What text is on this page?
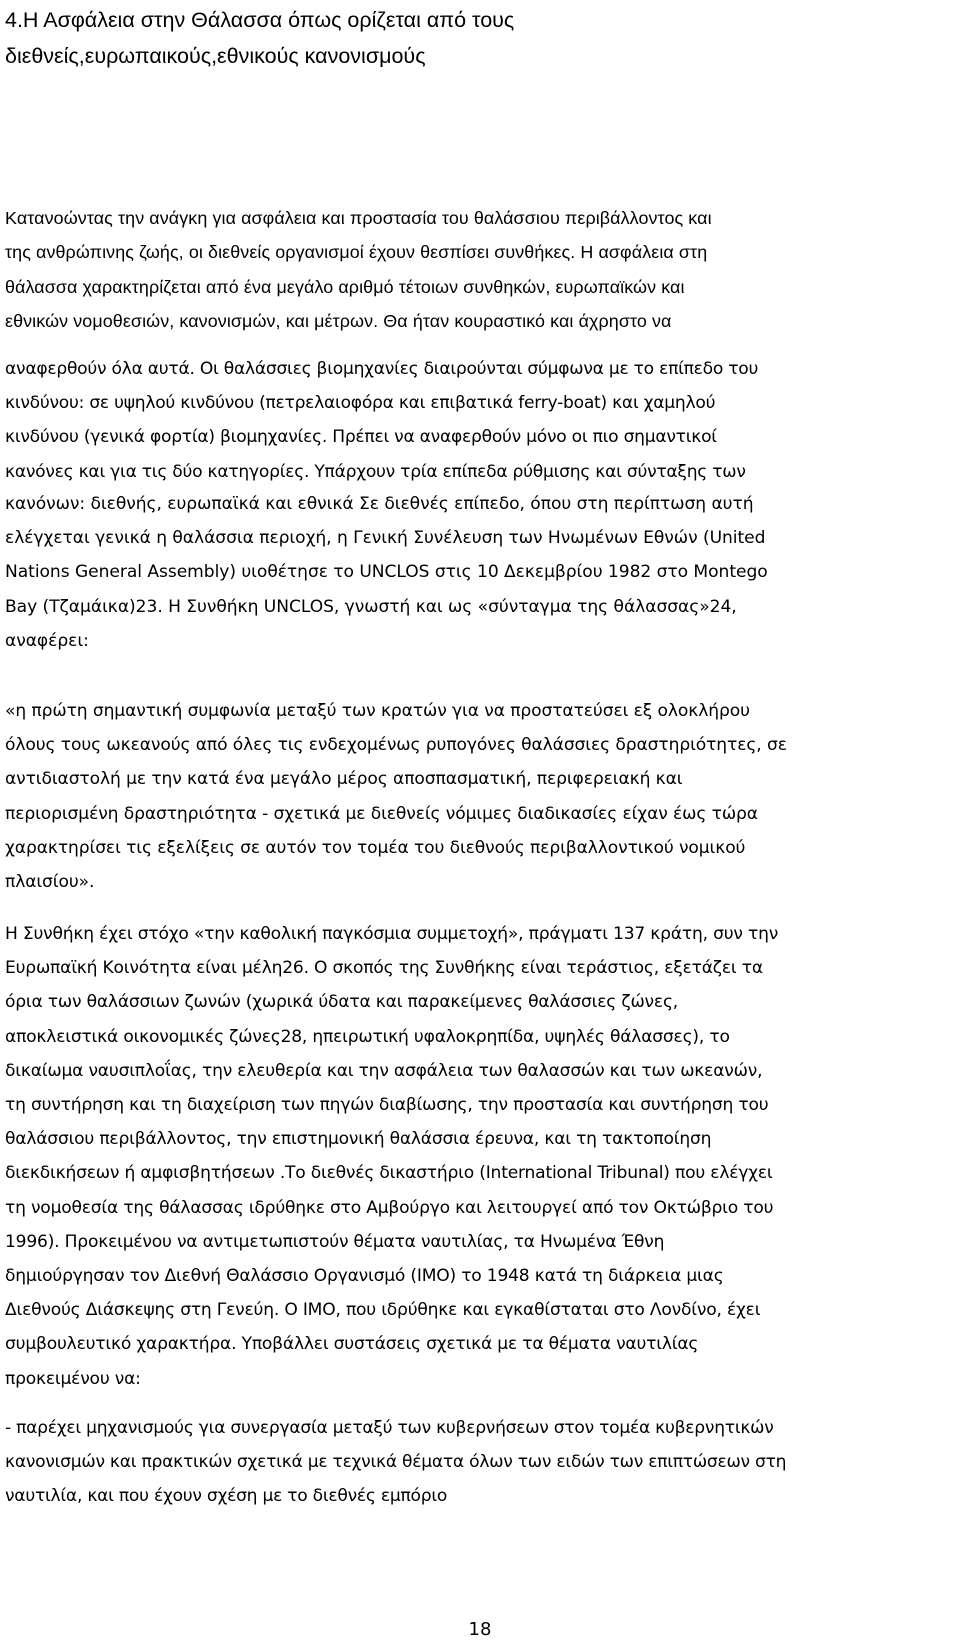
4.Η Ασφάλεια στην Θάλασσα όπως ορίζεται από τους
διεθνείς,ευρωπαικούς,εθνικούς κανονισμούς
Κατανοώντας την ανάγκη για ασφάλεια και προστασία του θαλάσσιου περιβάλλοντος και
της ανθρώπινης ζωής, οι διεθνείς οργανισμοί έχουν θεσπίσει συνθήκες. Η ασφάλεια στη
θάλασσα χαρακτηρίζεται από ένα μεγάλο αριθμό τέτοιων συνθηκών, ευρωπαϊκών και
εθνικών νομοθεσιών, κανονισμών, και μέτρων. Θα ήταν κουραστικό και άχρηστο να
αναφερθούν όλα αυτά. Οι θαλάσσιες βιομηχανίες διαιρούνται σύμφωνα με το επίπεδο του
κινδύνου: σε υψηλού κινδύνου (πετρελαιοφόρα και επιβατικά ferry-boat) και χαμηλού
κινδύνου (γενικά φορτία) βιομηχανίες. Πρέπει να αναφερθούν μόνο οι πιο σημαντικοί
κανόνες και για τις δύο κατηγορίες. Υπάρχουν τρία επίπεδα ρύθμισης και σύνταξης των
κανόνων: διεθνής, ευρωπαϊκά και εθνικά Σε διεθνές επίπεδο, όπου στη περίπτωση αυτή
ελέγχεται γενικά η θαλάσσια περιοχή, η Γενική Συνέλευση των Ηνωμένων Εθνών (United
Nations General Assembly) υιοθέτησε το UNCLOS στις 10 Δεκεμβρίου 1982 στο Montego
Bay (Τζαμάικα)23. Η Συνθήκη UNCLOS, γνωστή και ως «σύνταγμα της θάλασσας»24,
αναφέρει:
«η πρώτη σημαντική συμφωνία μεταξύ των κρατών για να προστατεύσει εξ ολοκλήρου
όλους τους ωκεανούς από όλες τις ενδεχομένως ρυπογόνες θαλάσσιες δραστηριότητες, σε
αντιδιαστολή με την κατά ένα μεγάλο μέρος αποσπασματική, περιφερειακή και
περιορισμένη δραστηριότητα - σχετικά με διεθνείς νόμιμες διαδικασίες είχαν έως τώρα
χαρακτηρίσει τις εξελίξεις σε αυτόν τον τομέα του διεθνούς περιβαλλοντικού νομικού
πλαισίου».
Η Συνθήκη έχει στόχο «την καθολική παγκόσμια συμμετοχή», πράγματι 137 κράτη, συν την
Ευρωπαϊκή Κοινότητα είναι μέλη26. Ο σκοπός της Συνθήκης είναι τεράστιος, εξετάζει τα
όρια των θαλάσσιων ζωνών (χωρικά ύδατα και παρακείμενες θαλάσσιες ζώνες,
αποκλειστικά οικονομικές ζώνες28, ηπειρωτική υφαλοκρηπίδα, υψηλές θάλασσες), το
δικαίωμα ναυσιπλοΐας, την ελευθερία και την ασφάλεια των θαλασσών και των ωκεανών,
τη συντήρηση και τη διαχείριση των πηγών διαβίωσης, την προστασία και συντήρηση του
θαλάσσιου περιβάλλοντος, την επιστημονική θαλάσσια έρευνα, και τη τακτοποίηση
διεκδικήσεων ή αμφισβητήσεων .Το διεθνές δικαστήριο (International Tribunal) που ελέγχει
τη νομοθεσία της θάλασσας ιδρύθηκε στο Αμβούργο και λειτουργεί από τον Οκτώβριο του
1996). Προκειμένου να αντιμετωπιστούν θέματα ναυτιλίας, τα Ηνωμένα Έθνη
δημιούργησαν τον Διεθνή Θαλάσσιο Οργανισμό (IMO) το 1948 κατά τη διάρκεια μιας
Διεθνούς Διάσκεψης στη Γενεύη. Ο IMO, που ιδρύθηκε και εγκαθίσταται στο Λονδίνο, έχει
συμβουλευτικό χαρακτήρα. Υποβάλλει συστάσεις σχετικά με τα θέματα ναυτιλίας
προκειμένου να:
- παρέχει μηχανισμούς για συνεργασία μεταξύ των κυβερνήσεων στον τομέα κυβερνητικών
κανονισμών και πρακτικών σχετικά με τεχνικά θέματα όλων των ειδών των επιπτώσεων στη
ναυτιλία, και που έχουν σχέση με το διεθνές εμπόριο
18
